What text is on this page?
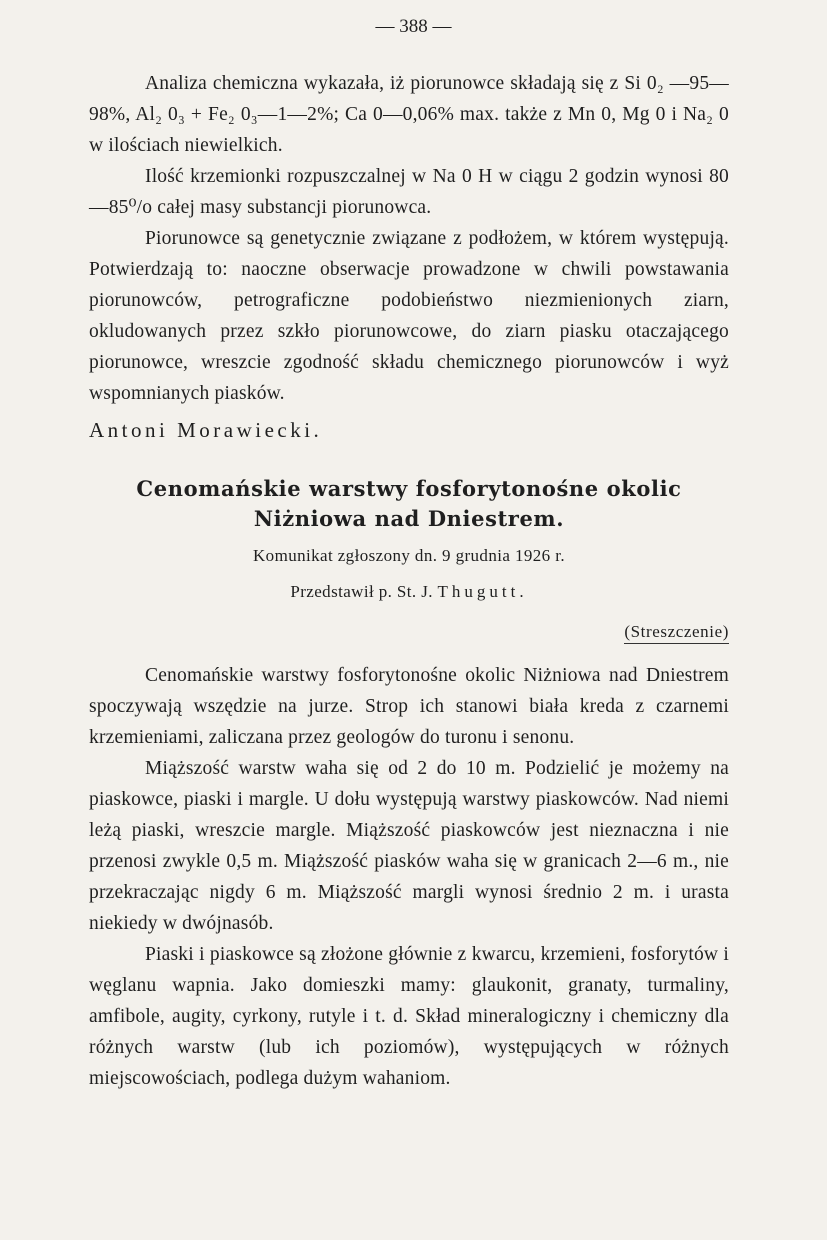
— 388 —

Analiza chemiczna wykazała, iż piorunowce składają się z Si 0₂ —95—98%, Al₂ 0₃ + Fe₂ 0₃—1—2%; Ca 0—0,06% max. także z Mn 0, Mg 0 i Na₂ 0 w ilościach niewielkich.

Ilość krzemionki rozpuszczalnej w Na 0 H w ciągu 2 godzin wynosi 80—85⁰/o całej masy substancji piorunowca.

Piorunowce są genetycznie związane z podłożem, w którem występują. Potwierdzają to: naoczne obserwacje prowadzone w chwili powstawania piorunowców, petrograficzne podobieństwo niezmienionych ziarn, okludowanych przez szkło piorunowcowe, do ziarn piasku otaczającego piorunowce, wreszcie zgodność składu chemicznego piorunowców i wyż wspomnianych piasków.

Antoni Morawiecki.
Cenomańskie warstwy fosforytonośne okolic
Niżniowa nad Dniestrem.
Komunikat zgłoszony dn. 9 grudnia 1926 r.
Przedstawił p. St. J. Thugutt.
(Streszczenie)

Cenomańskie warstwy fosforytonośne okolic Niżniowa nad Dniestrem spoczywają wszędzie na jurze. Strop ich stanowi biała kreda z czarnemi krzemieniami, zaliczana przez geologów do turonu i senonu.

Miąższość warstw waha się od 2 do 10 m. Podzielić je możemy na piaskowce, piaski i margle. U dołu występują warstwy piaskowców. Nad niemi leżą piaski, wreszcie margle. Miąższość piaskowców jest nieznaczna i nie przenosi zwykle 0,5 m. Miąższość piasków waha się w granicach 2—6 m., nie przekraczając nigdy 6 m. Miąższość margli wynosi średnio 2 m. i urasta niekiedy w dwójnasób.

Piaski i piaskowce są złożone głównie z kwarcu, krzemieni, fosforytów i węglanu wapnia. Jako domieszki mamy: glaukonit, granaty, turmaliny, amfibole, augity, cyrkony, rutyle i t. d. Skład mineralogiczny i chemiczny dla różnych warstw (lub ich poziomów), występujących w różnych miejscowościach, podlega dużym wahaniom.
